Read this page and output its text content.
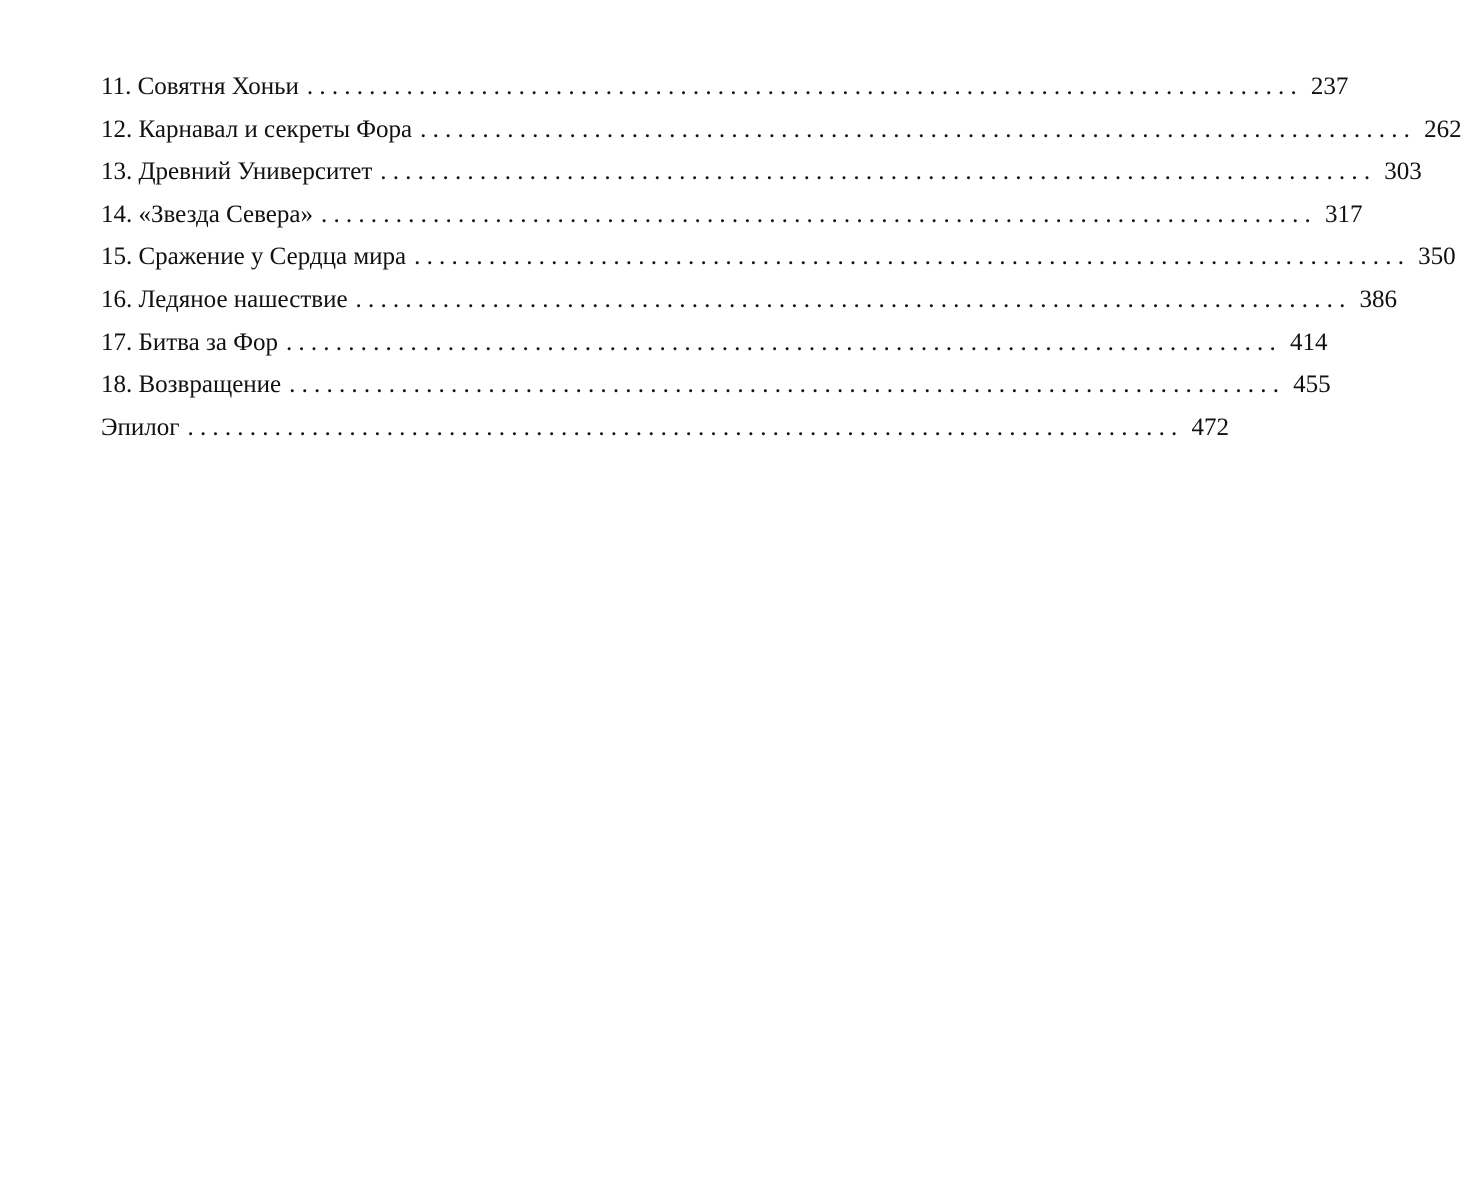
11. Совятня Хоньи ................................................................................ 237
12. Карнавал и секреты Фора ................................................................................ 262
13. Древний Университет ................................................................................ 303
14. «Звезда Севера» ................................................................................ 317
15. Сражение у Сердца мира ................................................................................ 350
16. Ледяное нашествие ................................................................................ 386
17. Битва за Фор ................................................................................ 414
18. Возвращение ................................................................................ 455
Эпилог ................................................................................ 472
